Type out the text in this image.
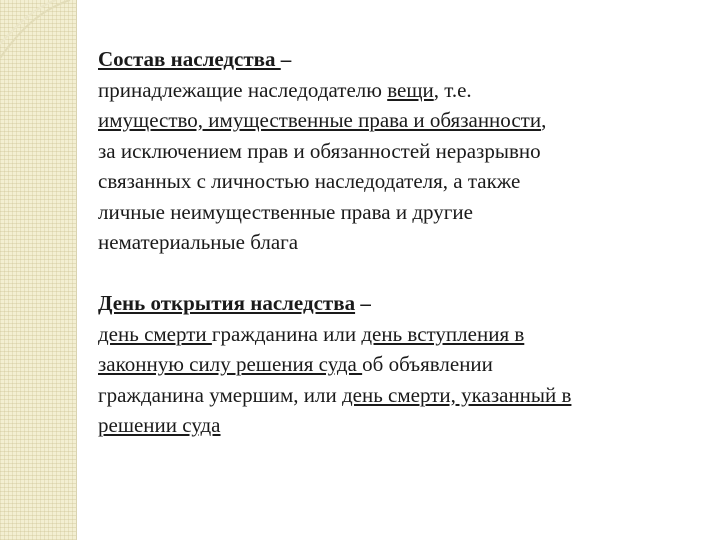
Состав наследства –
принадлежащие наследодателю вещи, т.е.
имущество, имущественные права и обязанности,
за исключением прав и обязанностей неразрывно
связанных с личностью наследодателя, а также
личные неимущественные права и другие
нематериальные блага

День открытия наследства –
день смерти гражданина или день вступления в
законную силу решения суда об объявлении
гражданина умершим, или день смерти, указанный в
решении суда
